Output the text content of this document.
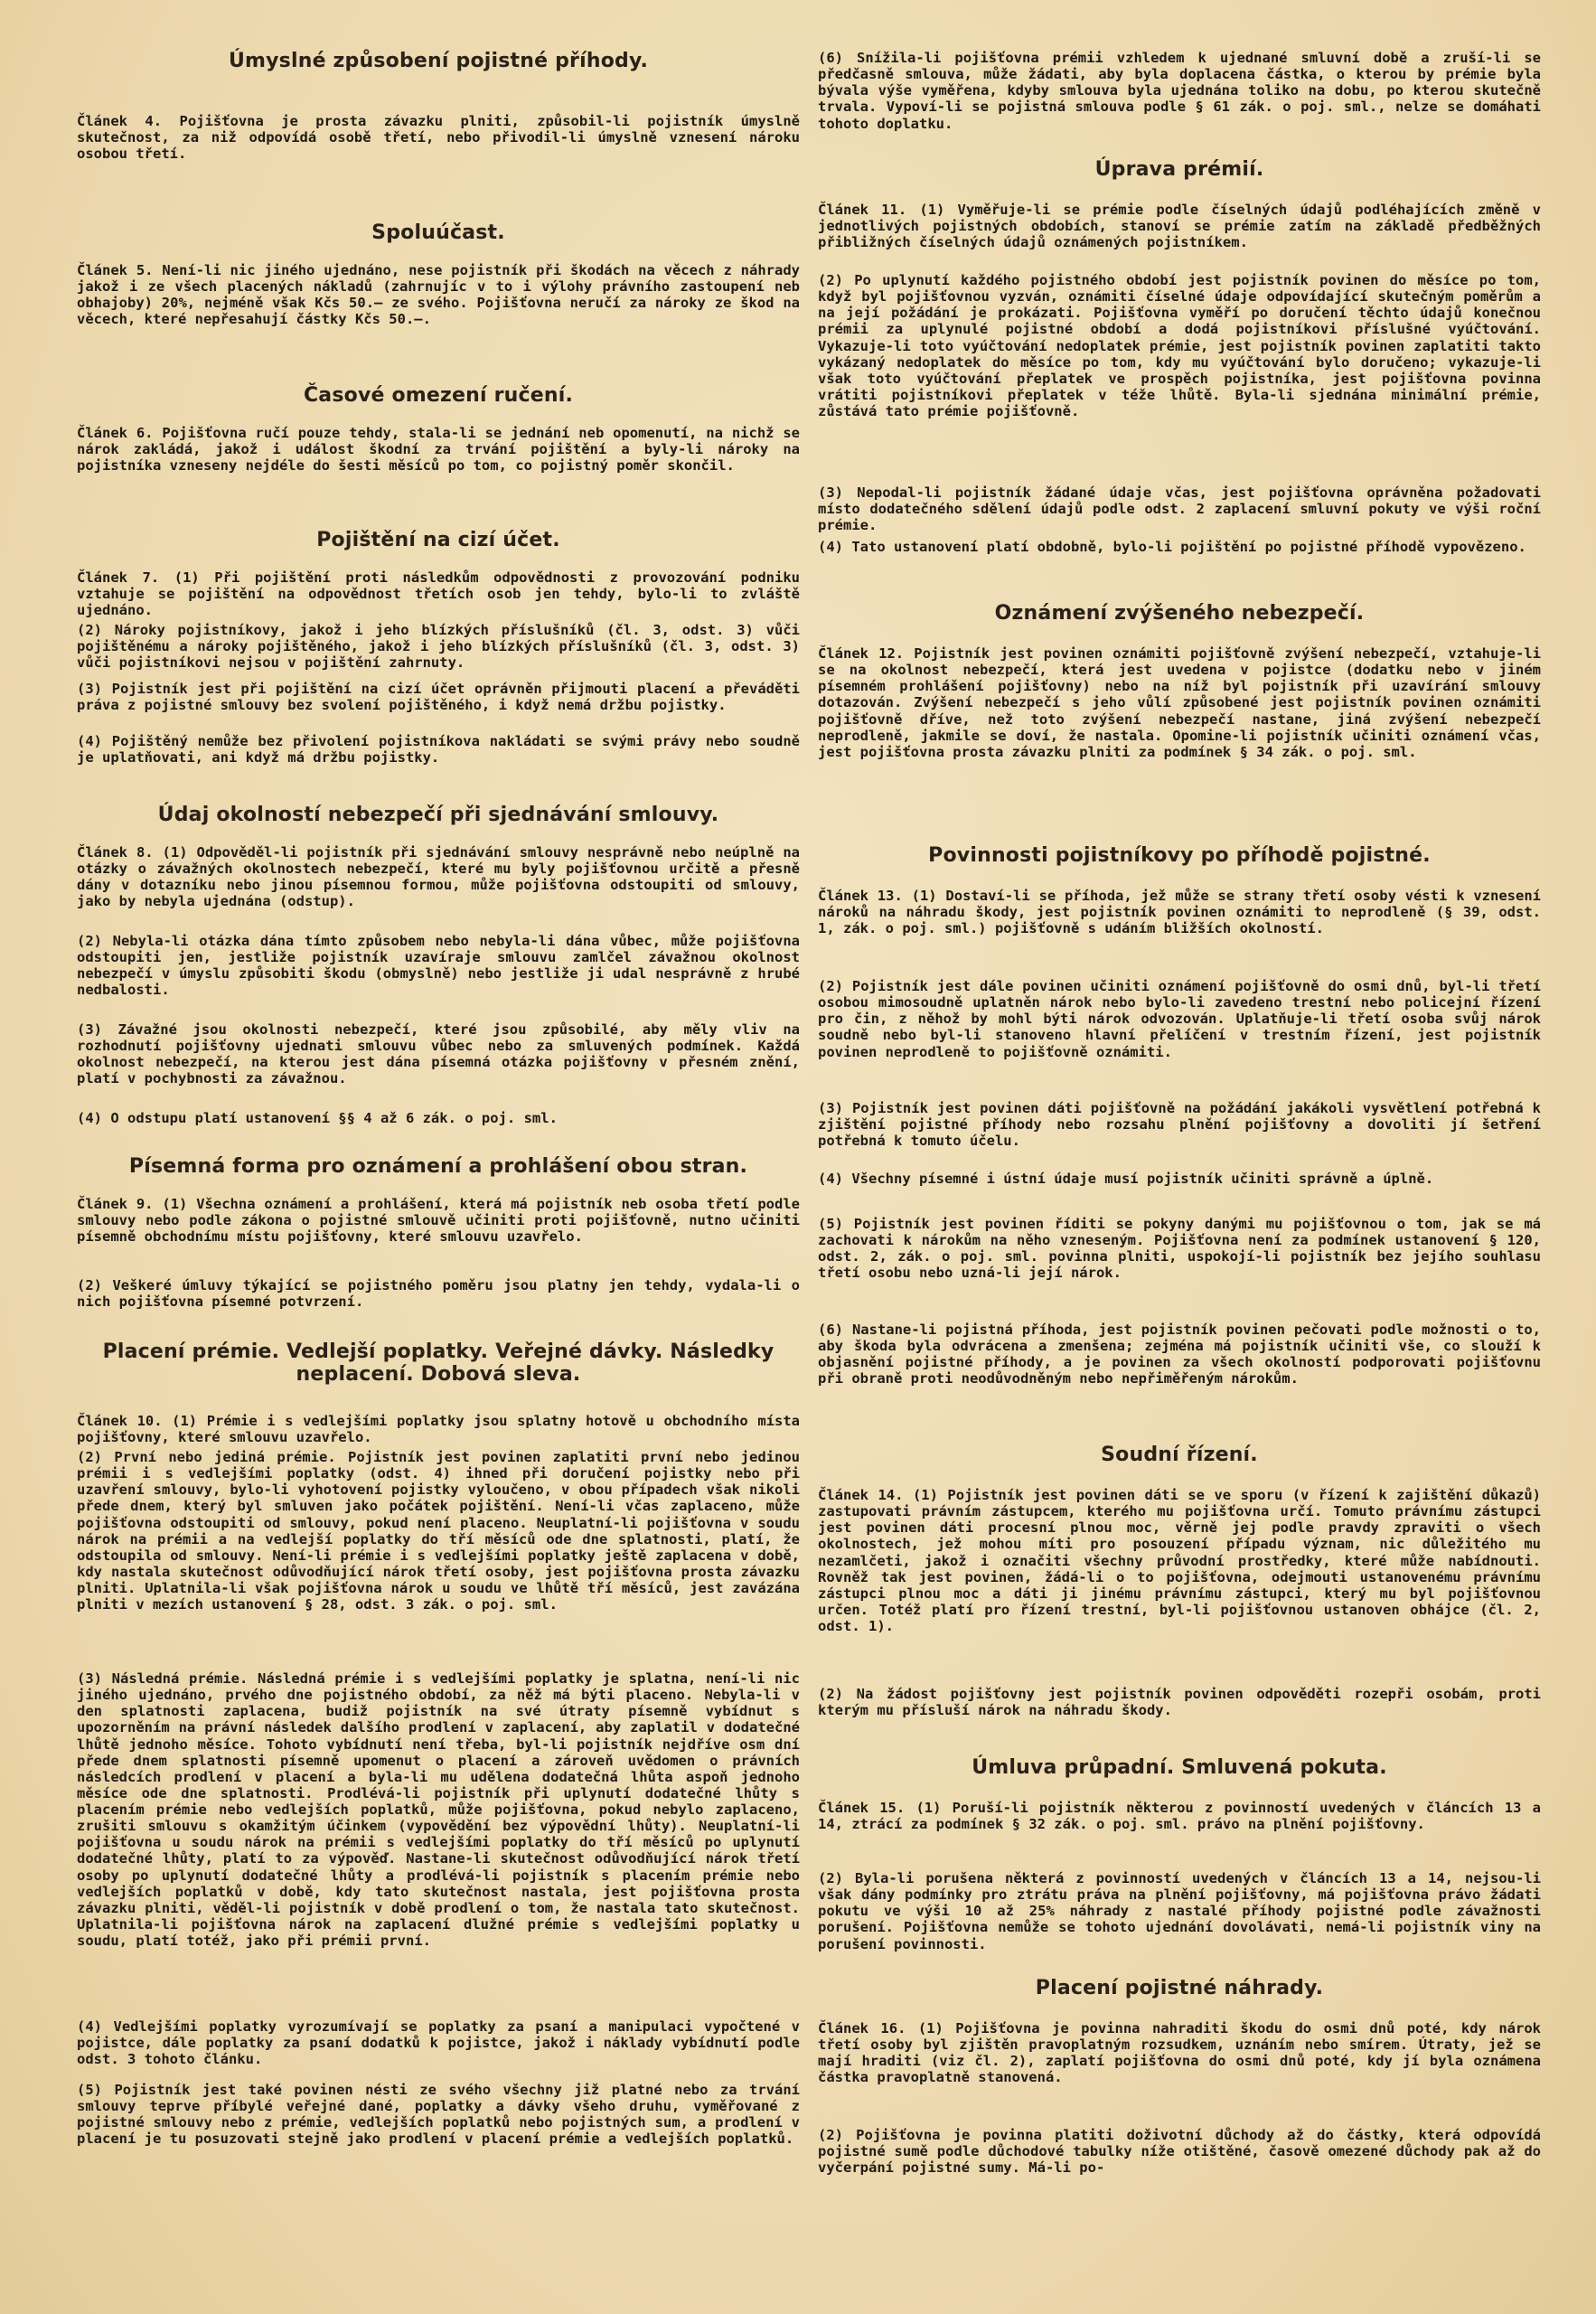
Úmyslné způsobení pojistné příhody.

Článek 4. Pojišťovna je prosta závazku plniti, způsobil-li pojistník úmyslně skutečnost, za niž odpovídá osobě třetí, nebo přivodil-li úmyslně vznesení nároku osobou třetí.

Spoluúčast.

Článek 5. Není-li nic jiného ujednáno, nese pojistník při škodách na věcech z náhrady jakož i ze všech placených nákladů (zahrnujíc v to i výlohy právního zastoupení neb obhajoby) 20%, nejméně však Kčs 50.— ze svého. Pojišťovna neručí za nároky ze škod na věcech, které nepřesahují částky Kčs 50.—.

Časové omezení ručení.

Článek 6. Pojišťovna ručí pouze tehdy, stala-li se jednání neb opomenutí, na nichž se nárok zakládá, jakož i událost škodní za trvání pojištění a byly-li nároky na pojistníka vzneseny nejdéle do šesti měsíců po tom, co pojistný poměr skončil.

Pojištění na cizí účet.

Článek 7. (1) Při pojištění proti následkům odpovědnosti z provozování podniku vztahuje se pojištění na odpovědnost třetích osob jen tehdy, bylo-li to zvláště ujednáno.

(2) Nároky pojistníkovy, jakož i jeho blízkých příslušníků (čl. 3, odst. 3) vůči pojištěnému a nároky pojištěného, jakož i jeho blízkých příslušníků (čl. 3, odst. 3) vůči pojistníkovi nejsou v pojištění zahrnuty.

(3) Pojistník jest při pojištění na cizí účet oprávněn přijmouti placení a převáděti práva z pojistné smlouvy bez svolení pojištěného, i když nemá držbu pojistky.

(4) Pojištěný nemůže bez přivolení pojistníkova nakládati se svými právy nebo soudně je uplatňovati, ani když má držbu pojistky.

Údaj okolností nebezpečí při sjednávání smlouvy.

Článek 8. (1) Odpověděl-li pojistník při sjednávání smlouvy nesprávně nebo neúplně na otázky o závažných okolnostech nebezpečí, které mu byly pojišťovnou určitě a přesně dány v dotazníku nebo jinou písemnou formou, může pojišťovna odstoupiti od smlouvy, jako by nebyla ujednána (odstup).

(2) Nebyla-li otázka dána tímto způsobem nebo nebyla-li dána vůbec, může pojišťovna odstoupiti jen, jestliže pojistník uzavíraje smlouvu zamlčel závažnou okolnost nebezpečí v úmyslu způsobiti škodu (obmyslně) nebo jestliže ji udal nesprávně z hrubé nedbalosti.

(3) Závažné jsou okolnosti nebezpečí, které jsou způsobilé, aby měly vliv na rozhodnutí pojišťovny ujednati smlouvu vůbec nebo za smluvených podmínek. Každá okolnost nebezpečí, na kterou jest dána písemná otázka pojišťovny v přesném znění, platí v pochybnosti za závažnou.

(4) O odstupu platí ustanovení §§ 4 až 6 zák. o poj. sml.

Písemná forma pro oznámení a prohlášení obou stran.

Článek 9. (1) Všechna oznámení a prohlášení, která má pojistník neb osoba třetí podle smlouvy nebo podle zákona o pojistné smlouvě učiniti proti pojišťovně, nutno učiniti písemně obchodnímu místu pojišťovny, které smlouvu uzavřelo.

(2) Veškeré úmluvy týkající se pojistného poměru jsou platny jen tehdy, vydala-li o nich pojišťovna písemné potvrzení.

Placení prémie. Vedlejší poplatky. Veřejné dávky. Následky neplacení. Dobová sleva.

Článek 10. (1) Prémie i s vedlejšími poplatky jsou splatny hotově u obchodního místa pojišťovny, které smlouvu uzavřelo.

(2) První nebo jediná prémie. Pojistník jest povinen zaplatiti první nebo jedinou prémii i s vedlejšími poplatky (odst. 4) ihned při doručení pojistky nebo při uzavření smlouvy, bylo-li vyhotovení pojistky vyloučeno, v obou případech však nikoli přede dnem, který byl smluven jako počátek pojištění. Není-li včas zaplaceno, může pojišťovna odstoupiti od smlouvy, pokud není placeno. Neuplatní-li pojišťovna v soudu nárok na prémii a na vedlejší poplatky do tří měsíců ode dne splatnosti, platí, že odstoupila od smlouvy. Není-li prémie i s vedlejšími poplatky ještě zaplacena v době, kdy nastala skutečnost odůvodňující nárok třetí osoby, jest pojišťovna prosta závazku plniti. Uplatnila-li však pojišťovna nárok u soudu ve lhůtě tří měsíců, jest zavázána plniti v mezích ustanovení § 28, odst. 3 zák. o poj. sml.

(3) Následná prémie. Následná prémie i s vedlejšími poplatky je splatna, není-li nic jiného ujednáno, prvého dne pojistného období, za něž má býti placeno. Nebyla-li v den splatnosti zaplacena, budiž pojistník na své útraty písemně vybídnut s upozorněním na právní následek dalšího prodlení v zaplacení, aby zaplatil v dodatečné lhůtě jednoho měsíce. Tohoto vybídnutí není třeba, byl-li pojistník nejdříve osm dní přede dnem splatnosti písemně upomenut o placení a zároveň uvědomen o právních následcích prodlení v placení a byla-li mu udělena dodatečná lhůta aspoň jednoho měsíce ode dne splatnosti. Prodlévá-li pojistník při uplynutí dodatečné lhůty s placením prémie nebo vedlejších poplatků, může pojišťovna, pokud nebylo zaplaceno, zrušiti smlouvu s okamžitým účinkem (vypovědění bez výpovědní lhůty). Neuplatní-li pojišťovna u soudu nárok na prémii s vedlejšími poplatky do tří měsíců po uplynutí dodatečné lhůty, platí to za výpověď. Nastane-li skutečnost odůvodňující nárok třetí osoby po uplynutí dodatečné lhůty a prodlévá-li pojistník s placením prémie nebo vedlejších poplatků v době, kdy tato skutečnost nastala, jest pojišťovna prosta závazku plniti, věděl-li pojistník v době prodlení o tom, že nastala tato skutečnost. Uplatnila-li pojišťovna nárok na zaplacení dlužné prémie s vedlejšími poplatky u soudu, platí totéž, jako při prémii první.

(4) Vedlejšími poplatky vyrozumívají se poplatky za psaní a manipulaci vypočtené v pojistce, dále poplatky za psaní dodatků k pojistce, jakož i náklady vybídnutí podle odst. 3 tohoto článku.

(5) Pojistník jest také povinen nésti ze svého všechny již platné nebo za trvání smlouvy teprve příbylé veřejné dané, poplatky a dávky všeho druhu, vyměřované z pojistné smlouvy nebo z prémie, vedlejších poplatků nebo pojistných sum, a prodlení v placení je tu posuzovati stejně jako prodlení v placení prémie a vedlejších poplatků.

(6) Snížila-li pojišťovna prémii vzhledem k ujednané smluvní době a zruší-li se předčasně smlouva, může žádati, aby byla doplacena částka, o kterou by prémie byla bývala výše vyměřena, kdyby smlouva byla ujednána toliko na dobu, po kterou skutečně trvala. Vypoví-li se pojistná smlouva podle § 61 zák. o poj. sml., nelze se domáhati tohoto doplatku.

Úprava prémií.

Článek 11. (1) Vyměřuje-li se prémie podle číselných údajů podléhajících změně v jednotlivých pojistných obdobích, stanoví se prémie zatím na základě předběžných přibližných číselných údajů oznámených pojistníkem.

(2) Po uplynutí každého pojistného období jest pojistník povinen do měsíce po tom, když byl pojišťovnou vyzván, oznámiti číselné údaje odpovídající skutečným poměrům a na její požádání je prokázati. Pojišťovna vyměří po doručení těchto údajů konečnou prémii za uplynulé pojistné období a dodá pojistníkovi příslušné vyúčtování. Vykazuje-li toto vyúčtování nedoplatek prémie, jest pojistník povinen zaplatiti takto vykázaný nedoplatek do měsíce po tom, kdy mu vyúčtování bylo doručeno; vykazuje-li však toto vyúčtování přeplatek ve prospěch pojistníka, jest pojišťovna povinna vrátiti pojistníkovi přeplatek v téže lhůtě. Byla-li sjednána minimální prémie, zůstává tato prémie pojišťovně.

(3) Nepodal-li pojistník žádané údaje včas, jest pojišťovna oprávněna požadovati místo dodatečného sdělení údajů podle odst. 2 zaplacení smluvní pokuty ve výši roční prémie.

(4) Tato ustanovení platí obdobně, bylo-li pojištění po pojistné příhodě vypovězeno.

Oznámení zvýšeného nebezpečí.

Článek 12. Pojistník jest povinen oznámiti pojišťovně zvýšení nebezpečí, vztahuje-li se na okolnost nebezpečí, která jest uvedena v pojistce (dodatku nebo v jiném písemném prohlášení pojišťovny) nebo na níž byl pojistník při uzavírání smlouvy dotazován. Zvýšení nebezpečí s jeho vůlí způsobené jest pojistník povinen oznámiti pojišťovně dříve, než toto zvýšení nebezpečí nastane, jiná zvýšení nebezpečí neprodleně, jakmile se doví, že nastala. Opomine-li pojistník učiniti oznámení včas, jest pojišťovna prosta závazku plniti za podmínek § 34 zák. o poj. sml.

Povinnosti pojistníkovy po příhodě pojistné.

Článek 13. (1) Dostaví-li se příhoda, jež může se strany třetí osoby vésti k vznesení nároků na náhradu škody, jest pojistník povinen oznámiti to neprodleně (§ 39, odst. 1, zák. o poj. sml.) pojišťovně s udáním bližších okolností.

(2) Pojistník jest dále povinen učiniti oznámení pojišťovně do osmi dnů, byl-li třetí osobou mimosoudně uplatněn nárok nebo bylo-li zavedeno trestní nebo policejní řízení pro čin, z něhož by mohl býti nárok odvozován. Uplatňuje-li třetí osoba svůj nárok soudně nebo byl-li stanoveno hlavní přelíčení v trestním řízení, jest pojistník povinen neprodleně to pojišťovně oznámiti.

(3) Pojistník jest povinen dáti pojišťovně na požádání jakákoli vysvětlení potřebná k zjištění pojistné příhody nebo rozsahu plnění pojišťovny a dovoliti jí šetření potřebná k tomuto účelu.

(4) Všechny písemné i ústní údaje musí pojistník učiniti správně a úplně.

(5) Pojistník jest povinen říditi se pokyny danými mu pojišťovnou o tom, jak se má zachovati k nárokům na něho vzneseným. Pojišťovna není za podmínek ustanovení § 120, odst. 2, zák. o poj. sml. povinna plniti, uspokojí-li pojistník bez jejího souhlasu třetí osobu nebo uzná-li její nárok.

(6) Nastane-li pojistná příhoda, jest pojistník povinen pečovati podle možnosti o to, aby škoda byla odvrácena a zmenšena; zejména má pojistník učiniti vše, co slouží k objasnění pojistné příhody, a je povinen za všech okolností podporovati pojišťovnu při obraně proti neodůvodněným nebo nepřiměřeným nárokům.

Soudní řízení.

Článek 14. (1) Pojistník jest povinen dáti se ve sporu (v řízení k zajištění důkazů) zastupovati právním zástupcem, kterého mu pojišťovna určí. Tomuto právnímu zástupci jest povinen dáti procesní plnou moc, věrně jej podle pravdy zpraviti o všech okolnostech, jež mohou míti pro posouzení případu význam, nic důležitého mu nezamlčeti, jakož i označiti všechny průvodní prostředky, které může nabídnouti. Rovněž tak jest povinen, žádá-li o to pojišťovna, odejmouti ustanovenému právnímu zástupci plnou moc a dáti ji jinému právnímu zástupci, který mu byl pojišťovnou určen. Totéž platí pro řízení trestní, byl-li pojišťovnou ustanoven obhájce (čl. 2, odst. 1).

(2) Na žádost pojišťovny jest pojistník povinen odpověděti rozepři osobám, proti kterým mu přísluší nárok na náhradu škody.

Úmluva průpadní. Smluvená pokuta.

Článek 15. (1) Poruší-li pojistník některou z povinností uvedených v článcích 13 a 14, ztrácí za podmínek § 32 zák. o poj. sml. právo na plnění pojišťovny.

(2) Byla-li porušena některá z povinností uvedených v článcích 13 a 14, nejsou-li však dány podmínky pro ztrátu práva na plnění pojišťovny, má pojišťovna právo žádati pokutu ve výši 10 až 25% náhrady z nastalé příhody pojistné podle závažnosti porušení. Pojišťovna nemůže se tohoto ujednání dovolávati, nemá-li pojistník viny na porušení povinnosti.

Placení pojistné náhrady.

Článek 16. (1) Pojišťovna je povinna nahraditi škodu do osmi dnů poté, kdy nárok třetí osoby byl zjištěn pravoplatným rozsudkem, uznáním nebo smírem. Útraty, jež se mají hraditi (viz čl. 2), zaplatí pojišťovna do osmi dnů poté, kdy jí byla oznámena částka pravoplatně stanovená.

(2) Pojišťovna je povinna platiti doživotní důchody až do částky, která odpovídá pojistné sumě podle důchodové tabulky níže otištěné, časově omezené důchody pak až do vyčerpání pojistné sumy. Má-li po-
